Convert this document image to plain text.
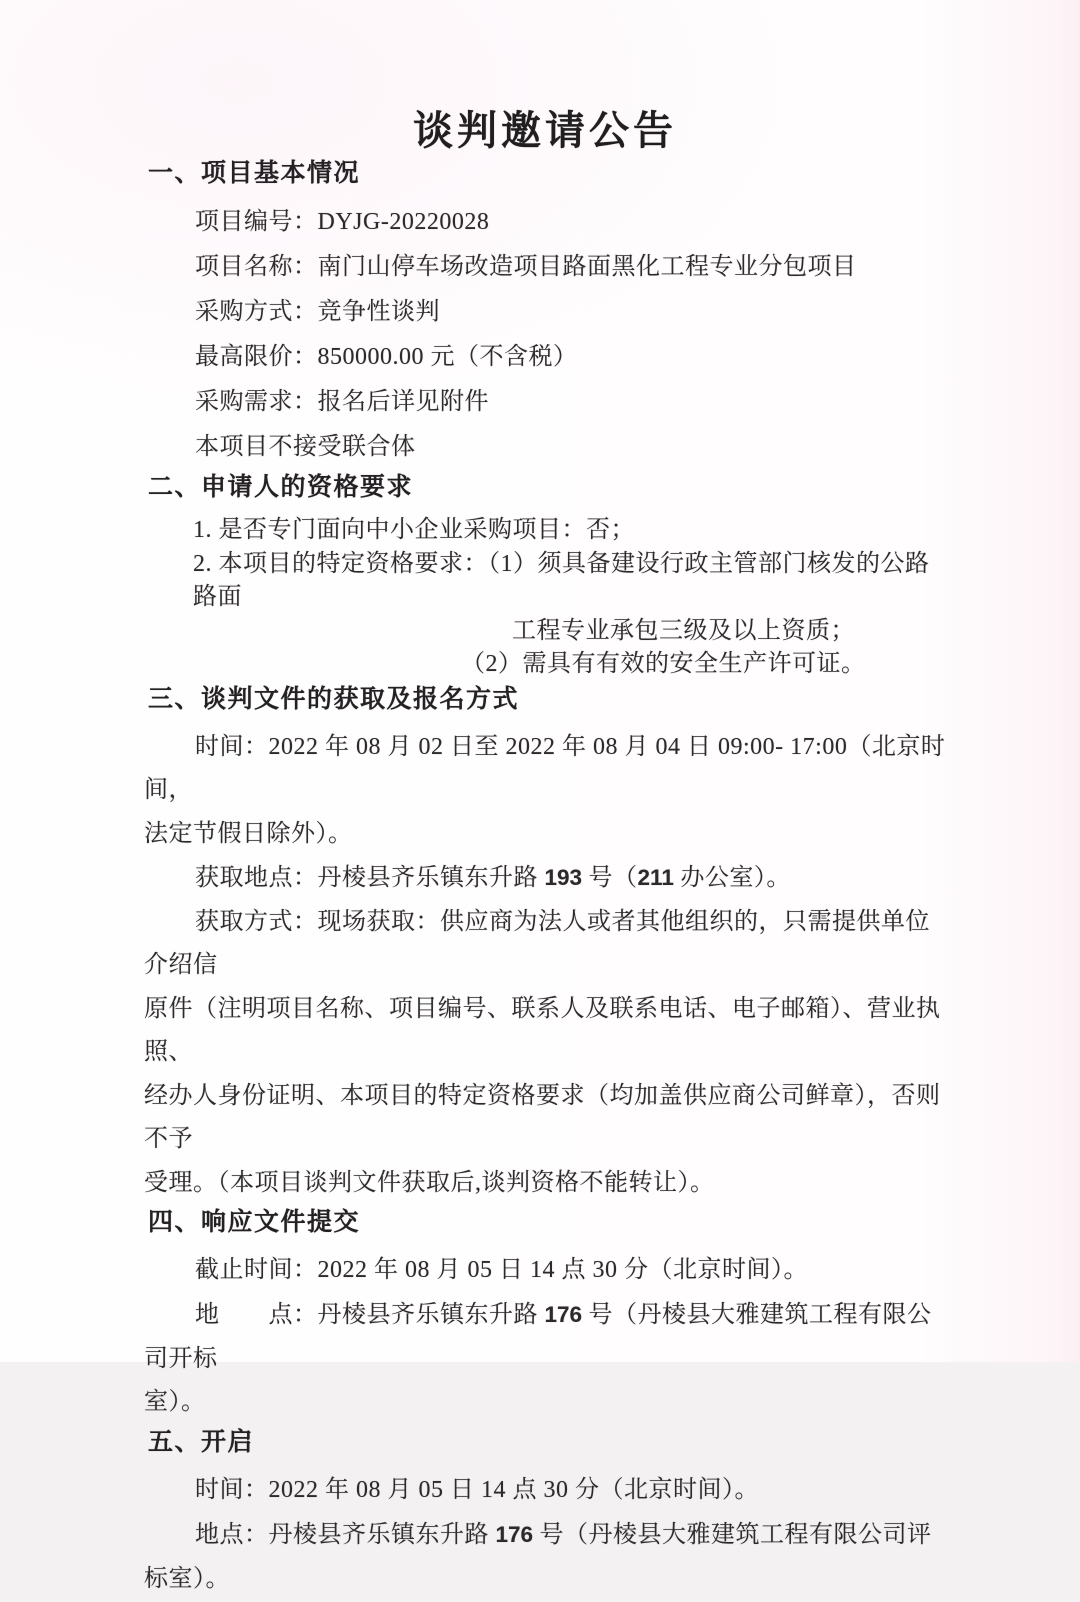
谈判邀请公告
一、项目基本情况

项目编号：DYJG-20220028

项目名称：南门山停车场改造项目路面黑化工程专业分包项目

采购方式：竞争性谈判

最高限价：850000.00 元（不含税）

采购需求：报名后详见附件

本项目不接受联合体

二、申请人的资格要求

1. 是否专门面向中小企业采购项目：否；

2. 本项目的特定资格要求：（1）须具备建设行政主管部门核发的公路路面

工程专业承包三级及以上资质；

（2）需具有有效的安全生产许可证。

三、谈判文件的获取及报名方式

时间：2022 年 08 月 02 日至 2022 年 08 月 04 日 09:00- 17:00（北京时间，

法定节假日除外）。

获取地点：丹棱县齐乐镇东升路 193 号（211 办公室）。

获取方式：现场获取：供应商为法人或者其他组织的，只需提供单位介绍信

原件（注明项目名称、项目编号、联系人及联系电话、电子邮箱）、营业执照、

经办人身份证明、本项目的特定资格要求（均加盖供应商公司鲜章），否则不予

受理。（本项目谈判文件获取后,谈判资格不能转让）。

四、响应文件提交

截止时间：2022 年 08 月 05 日 14 点 30 分（北京时间）。

地　　点：丹棱县齐乐镇东升路 176 号（丹棱县大雅建筑工程有限公司开标

室）。

五、开启

时间：2022 年 08 月 05 日 14 点 30 分（北京时间）。

地点：丹棱县齐乐镇东升路 176 号（丹棱县大雅建筑工程有限公司评标室）。
